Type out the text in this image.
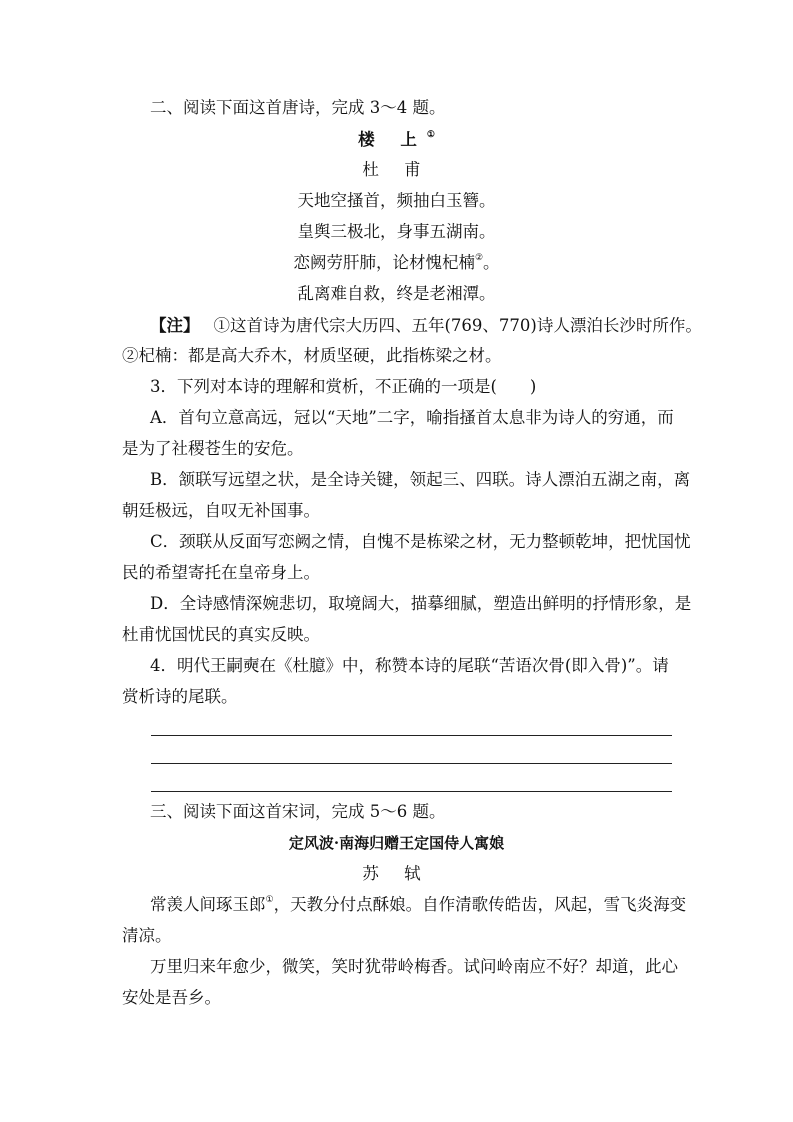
二、阅读下面这首唐诗，完成 3～4 题。
楼 上①
杜 甫
天地空搔首，频抽白玉簪。
皇舆三极北，身事五湖南。
恋阙劳肝肺，论材愧杞楠②。
乱离难自救，终是老湘潭。
【注】 ①这首诗为唐代宗大历四、五年(769、770)诗人漂泊长沙时所作。
②杞楠：都是高大乔木，材质坚硬，此指栋梁之材。
3．下列对本诗的理解和赏析，不正确的一项是(　　)
A．首句立意高远，冠以“天地”二字，喻指搔首太息非为诗人的穷通，而
是为了社稷苍生的安危。
B．颔联写远望之状，是全诗关键，领起三、四联。诗人漂泊五湖之南，离
朝廷极远，自叹无补国事。
C．颈联从反面写恋阙之情，自愧不是栋梁之材，无力整顿乾坤，把忧国忧
民的希望寄托在皇帝身上。
D．全诗感情深婉悲切，取境阔大，描摹细腻，塑造出鲜明的抒情形象，是
杜甫忧国忧民的真实反映。
4．明代王嗣奭在《杜臆》中，称赞本诗的尾联“苦语次骨(即入骨)”。请
赏析诗的尾联。
三、阅读下面这首宋词，完成 5～6 题。
定风波·南海归赠王定国侍人寓娘
苏 轼
常羡人间琢玉郎①，天教分付点酥娘。自作清歌传皓齿，风起，雪飞炎海变
清凉。
万里归来年愈少，微笑，笑时犹带岭梅香。试问岭南应不好？却道，此心
安处是吾乡。
